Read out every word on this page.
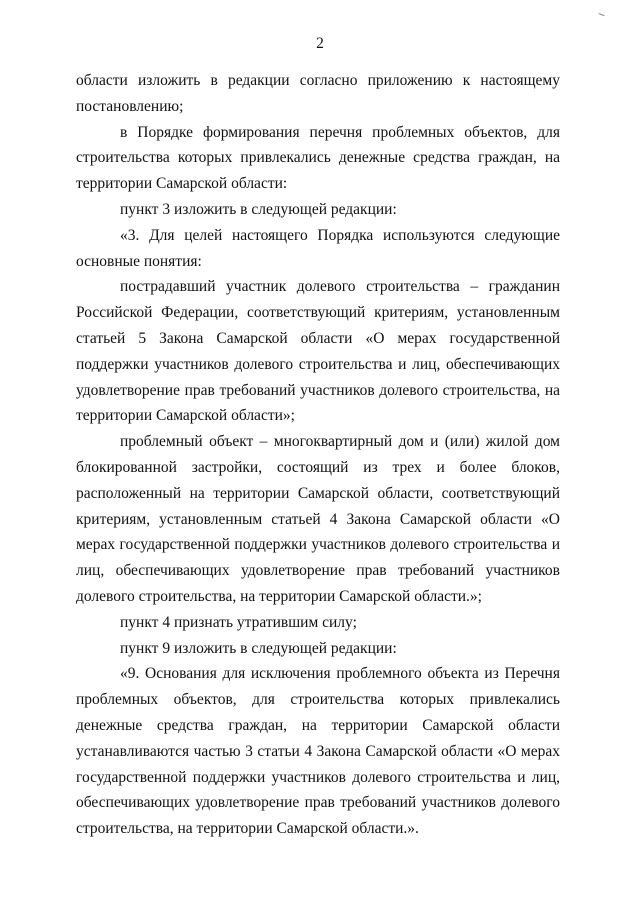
2

области изложить в редакции согласно приложению к настоящему постановлению;

в Порядке формирования перечня проблемных объектов, для строительства которых привлекались денежные средства граждан, на территории Самарской области:

пункт 3 изложить в следующей редакции:

«3. Для целей настоящего Порядка используются следующие основные понятия:

пострадавший участник долевого строительства – гражданин Российской Федерации, соответствующий критериям, установленным статьей 5 Закона Самарской области «О мерах государственной поддержки участников долевого строительства и лиц, обеспечивающих удовлетворение прав требований участников долевого строительства, на территории Самарской области»;

проблемный объект – многоквартирный дом и (или) жилой дом блокированной застройки, состоящий из трех и более блоков, расположенный на территории Самарской области, соответствующий критериям, установленным статьей 4 Закона Самарской области «О мерах государственной поддержки участников долевого строительства и лиц, обеспечивающих удовлетворение прав требований участников долевого строительства, на территории Самарской области.»;

пункт 4 признать утратившим силу;

пункт 9 изложить в следующей редакции:

«9. Основания для исключения проблемного объекта из Перечня проблемных объектов, для строительства которых привлекались денежные средства граждан, на территории Самарской области устанавливаются частью 3 статьи 4 Закона Самарской области «О мерах государственной поддержки участников долевого строительства и лиц, обеспечивающих удовлетворение прав требований участников долевого строительства, на территории Самарской области.».
